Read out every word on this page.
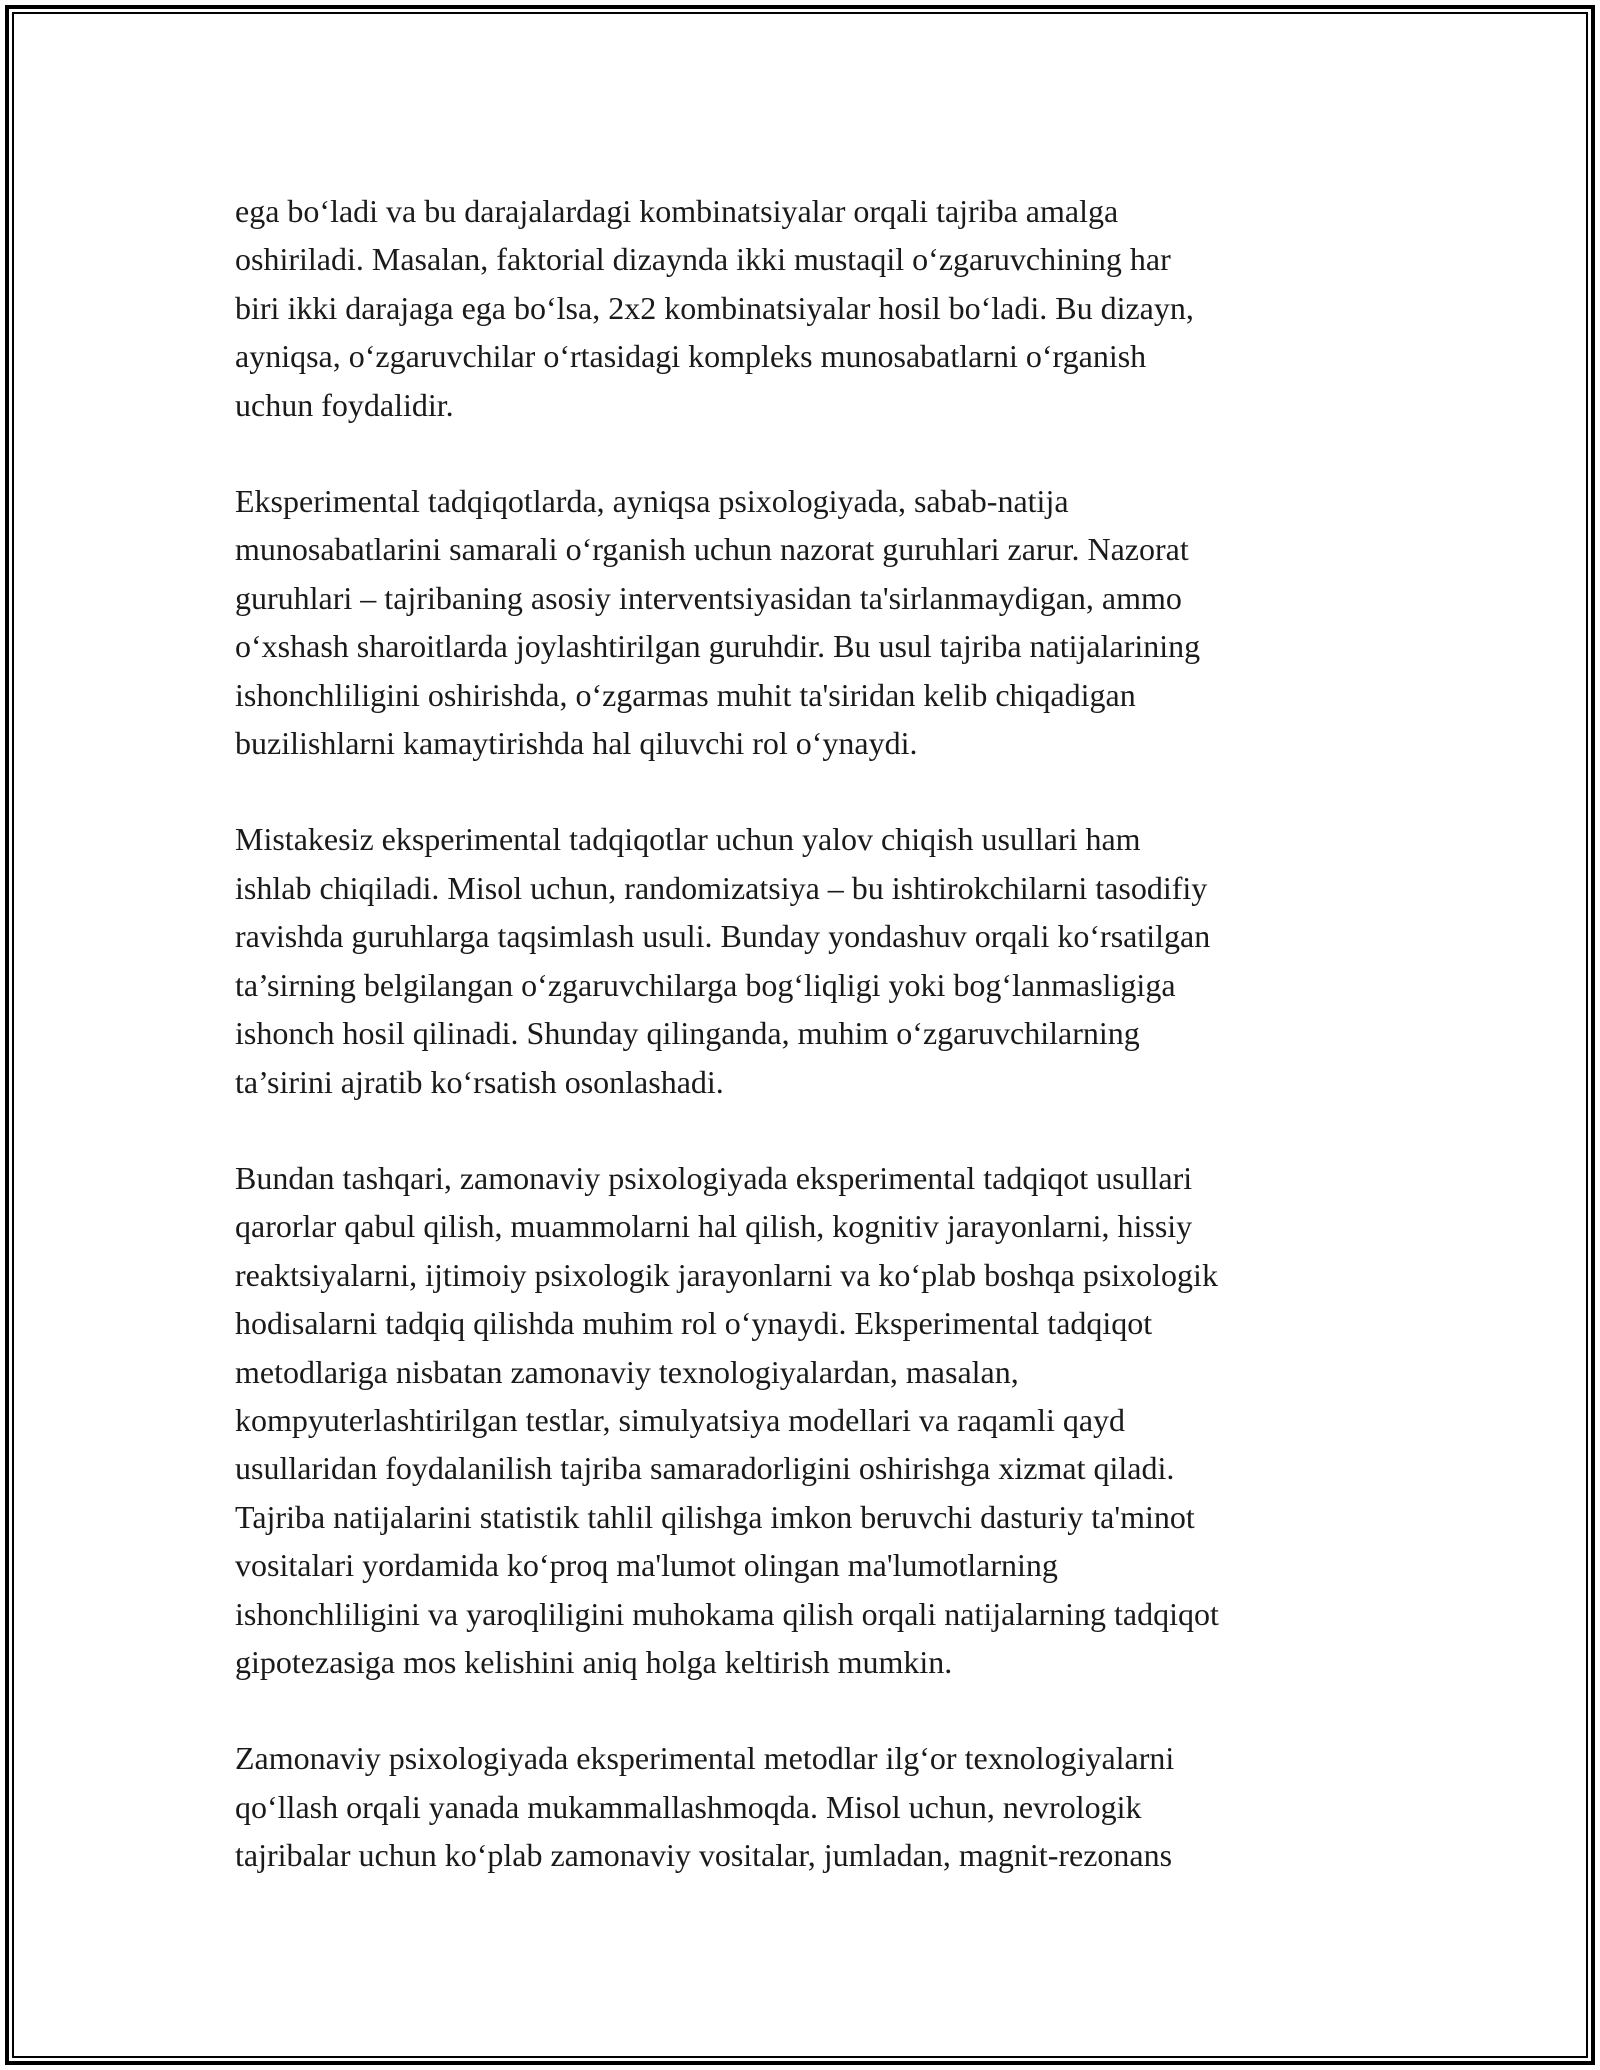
ega bo‘ladi va bu darajalardagi kombinatsiyalar orqali tajriba amalga
oshiriladi. Masalan, faktorial dizaynda ikki mustaqil o‘zgaruvchining har
biri ikki darajaga ega bo‘lsa, 2x2 kombinatsiyalar hosil bo‘ladi. Bu dizayn,
ayniqsa, o‘zgaruvchilar o‘rtasidagi kompleks munosabatlarni o‘rganish
uchun foydalidir.

Eksperimental tadqiqotlarda, ayniqsa psixologiyada, sabab-natija
munosabatlarini samarali o‘rganish uchun nazorat guruhlari zarur. Nazorat
guruhlari – tajribaning asosiy interventsiyasidan ta'sirlanmaydigan, ammo
o‘xshash sharoitlarda joylashtirilgan guruhdir. Bu usul tajriba natijalarining
ishonchliligini oshirishda, o‘zgarmas muhit ta'siridan kelib chiqadigan
buzilishlarni kamaytirishda hal qiluvchi rol o‘ynaydi.

Mistakesiz eksperimental tadqiqotlar uchun yalov chiqish usullari ham
ishlab chiqiladi. Misol uchun, randomizatsiya – bu ishtirokchilarni tasodifiy
ravishda guruhlarga taqsimlash usuli. Bunday yondashuv orqali ko‘rsatilgan
ta’sirning belgilangan o‘zgaruvchilarga bog‘liqligi yoki bog‘lanmasligiga
ishonch hosil qilinadi. Shunday qilinganda, muhim o‘zgaruvchilarning
ta’sirini ajratib ko‘rsatish osonlashadi.

Bundan tashqari, zamonaviy psixologiyada eksperimental tadqiqot usullari
qarorlar qabul qilish, muammolarni hal qilish, kognitiv jarayonlarni, hissiy
reaktsiyalarni, ijtimoiy psixologik jarayonlarni va ko‘plab boshqa psixologik
hodisalarni tadqiq qilishda muhim rol o‘ynaydi. Eksperimental tadqiqot
metodlariga nisbatan zamonaviy texnologiyalardan, masalan,
kompyuterlashtirilgan testlar, simulyatsiya modellari va raqamli qayd
usullaridan foydalanilish tajriba samaradorligini oshirishga xizmat qiladi.
Tajriba natijalarini statistik tahlil qilishga imkon beruvchi dasturiy ta'minot
vositalari yordamida ko‘proq ma'lumot olingan ma'lumotlarning
ishonchliligini va yaroqliligini muhokama qilish orqali natijalarning tadqiqot
gipotezasiga mos kelishini aniq holga keltirish mumkin.

Zamonaviy psixologiyada eksperimental metodlar ilg‘or texnologiyalarni
qo‘llash orqali yanada mukammallashmoqda. Misol uchun, nevrologik
tajribalar uchun ko‘plab zamonaviy vositalar, jumladan, magnit-rezonans
